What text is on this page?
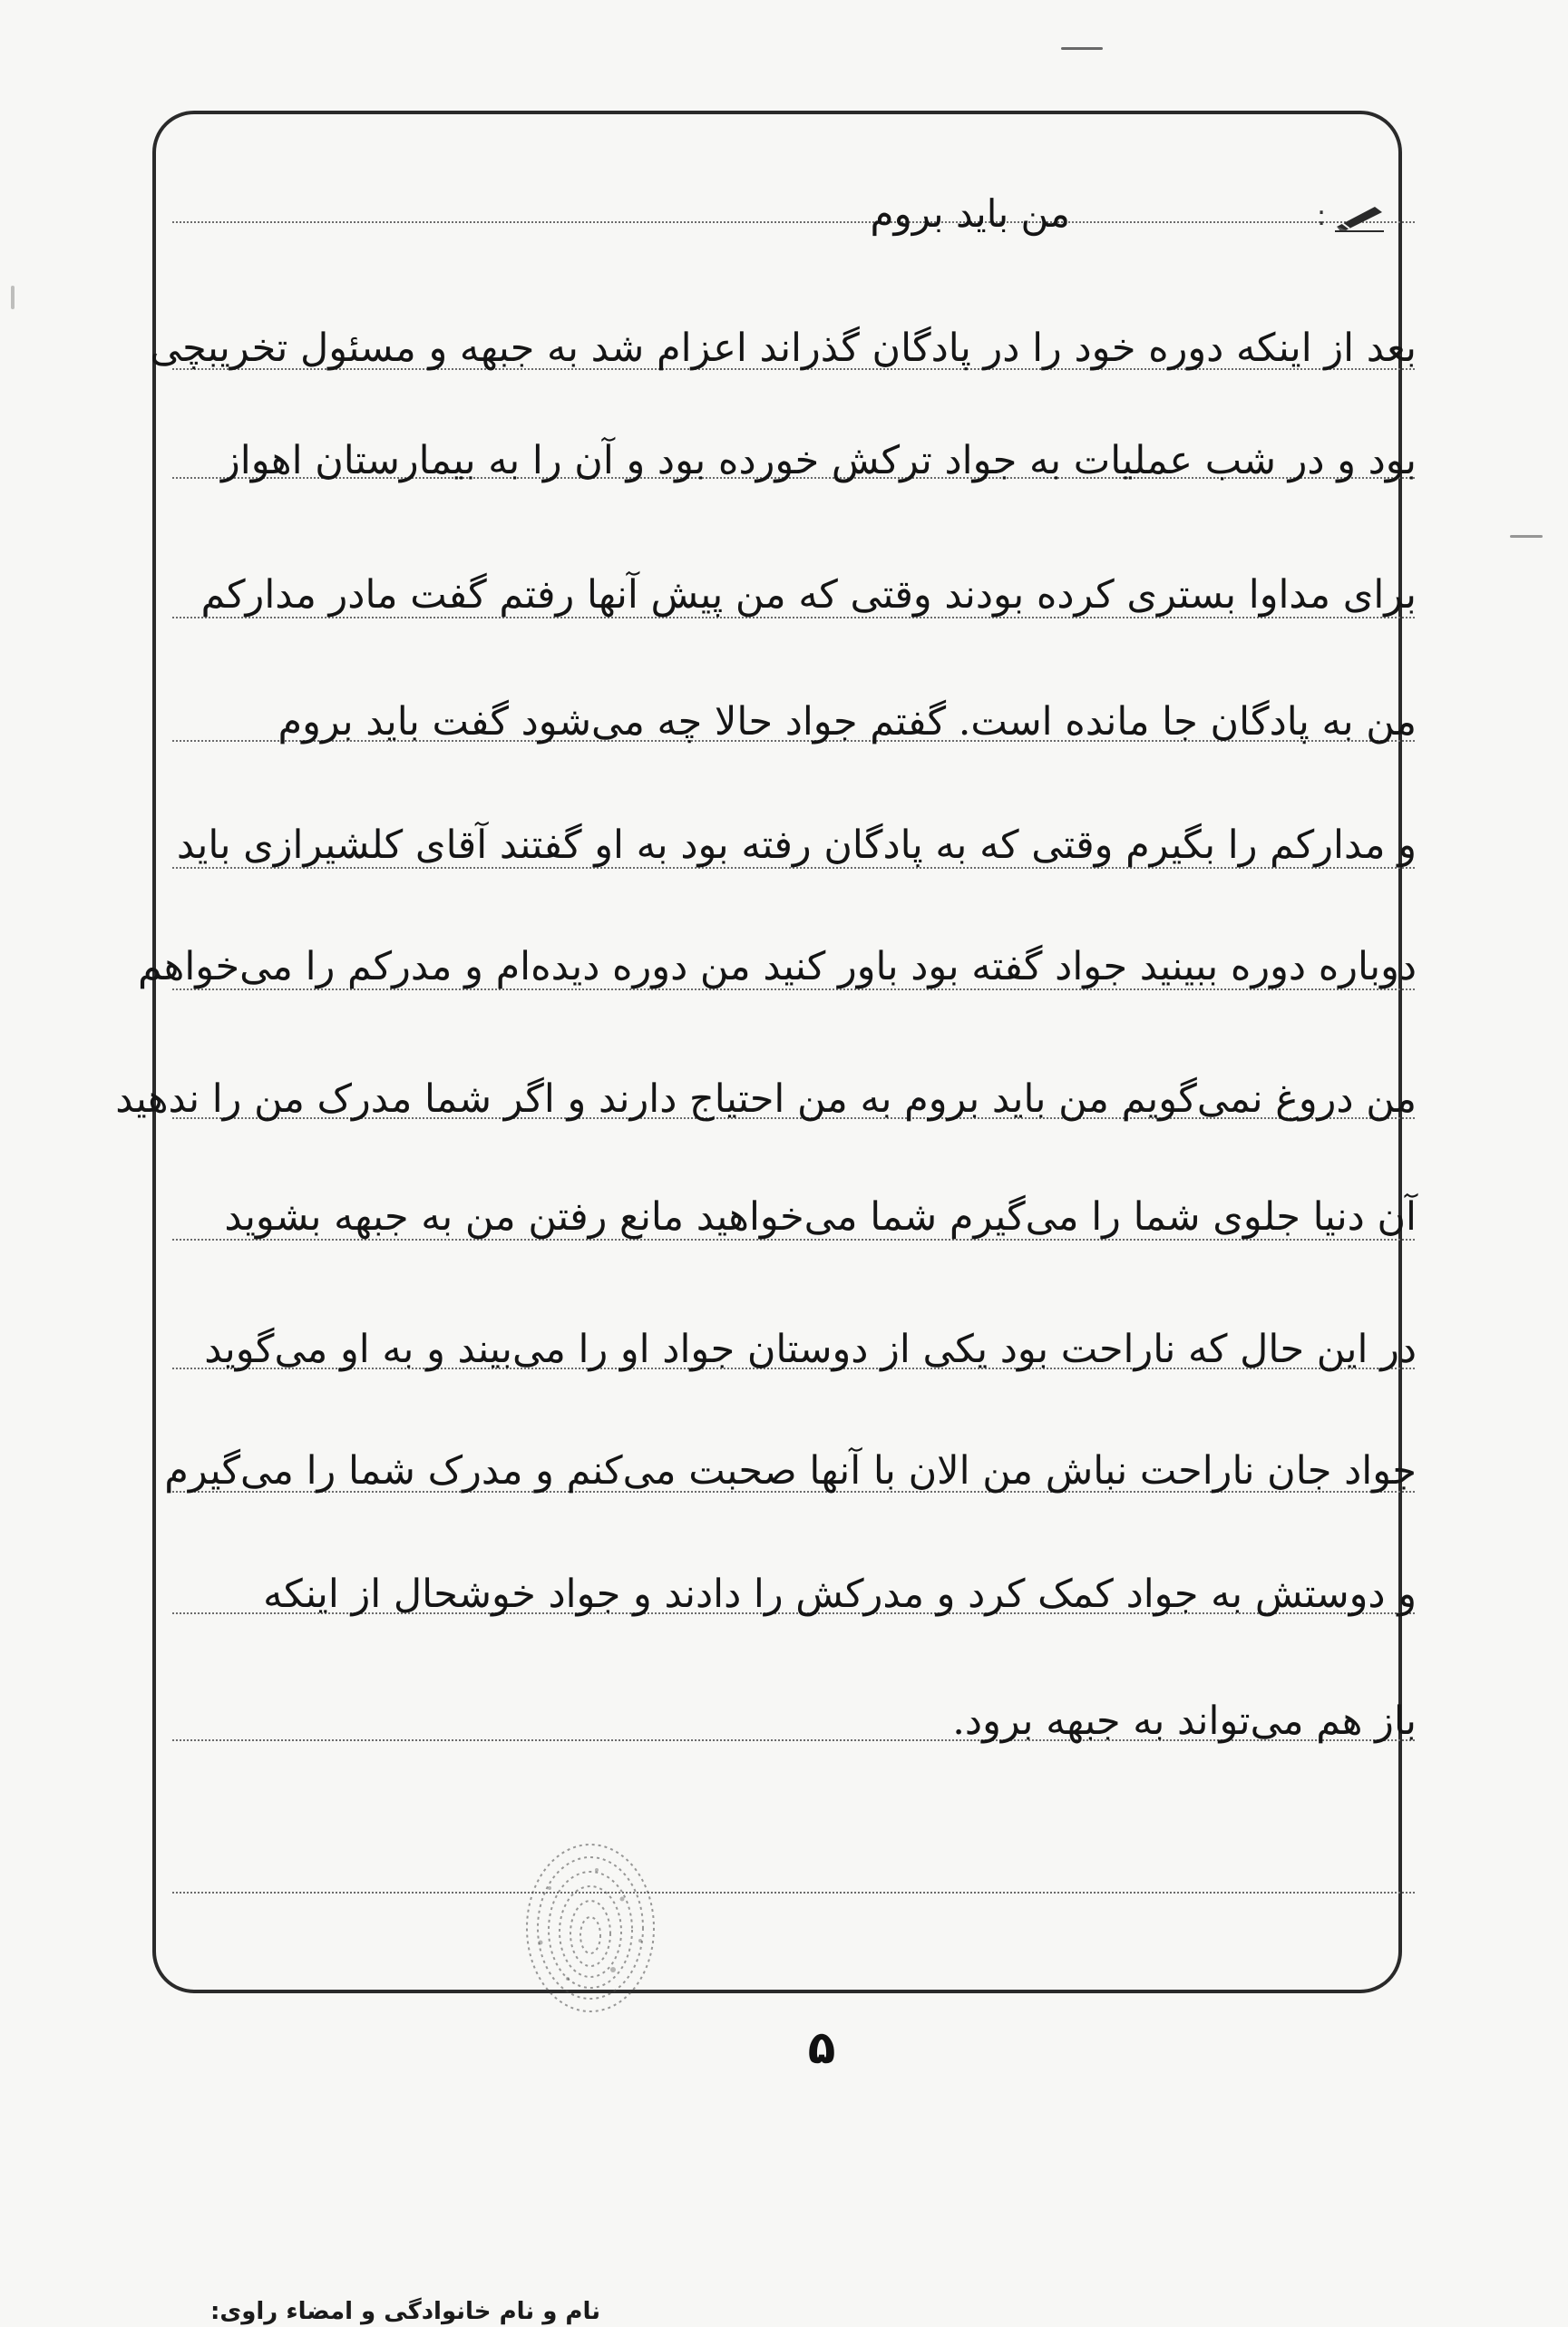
:
من باید بروم
بعد از اینکه دوره خود را در پادگان گذراند اعزام شد به جبهه و مسئول تخریبچی
بود و در شب عملیات به جواد ترکش خورده بود و آن را به بیمارستان اهواز
برای مداوا بستری کرده بودند وقتی که من پیش آنها رفتم گفت مادر مدارکم
من به پادگان جا مانده است. گفتم جواد حالا چه می‌شود گفت باید بروم
و مدارکم را بگیرم وقتی که به پادگان رفته بود به او گفتند آقای کلشیرازی باید
دوباره دوره ببینید جواد گفته بود باور کنید من دوره دیده‌ام و مدرکم را می‌خواهم
من دروغ نمی‌گویم من باید بروم به من احتیاج دارند و اگر شما مدرک من را ندهید
آن دنیا جلوی شما را می‌گیرم شما می‌خواهید مانع رفتن من به جبهه بشوید
در این حال که ناراحت بود یکی از دوستان جواد او را می‌بیند و به او می‌گوید
جواد جان ناراحت نباش من الان با آنها صحبت می‌کنم و مدرک شما را می‌گیرم
و دوستش به جواد کمک کرد و مدرکش را دادند و جواد خوشحال از اینکه
باز هم می‌تواند به جبهه برود.
نام و نام خانوادگی و امضاء راوی:
۵
